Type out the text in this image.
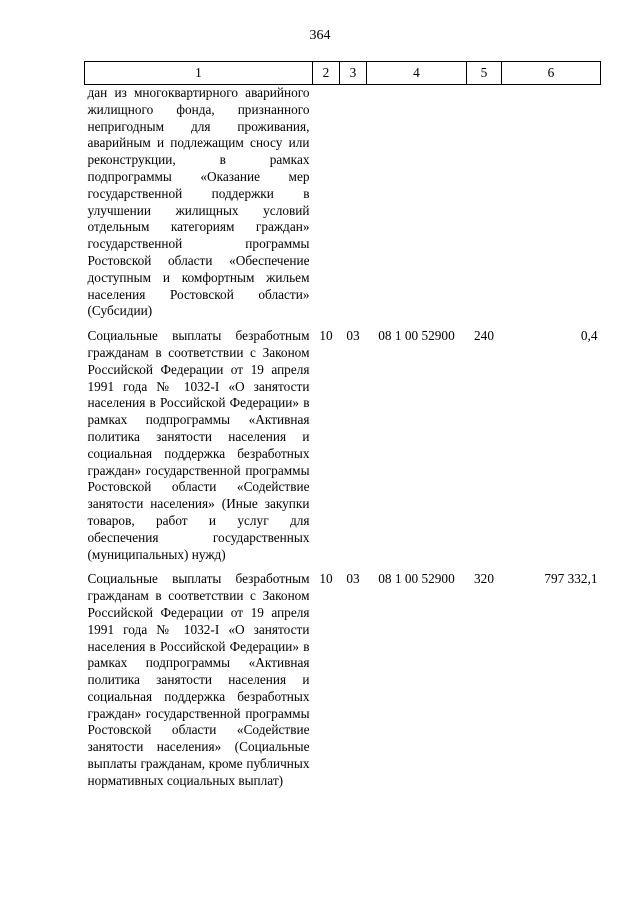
364
1	2	3	4	5	6
дан из многоквартирного аварийного жилищного фонда, признанного непригодным для проживания, аварийным и подлежащим сносу или реконструкции, в рамках подпрограммы «Оказание мер государственной поддержки в улучшении жилищных условий отдельным категориям граждан» государственной программы Ростовской области «Обеспечение доступным и комфортным жильем населения Ростовской области» (Субсидии)					
Социальные выплаты безработным гражданам в соответствии с Законом Российской Федерации от 19 апреля 1991 года № 1032-I «О занятости населения в Российской Федерации» в рамках подпрограммы «Активная политика занятости населения и социальная поддержка безработных граждан» государственной программы Ростовской области «Содействие занятости населения» (Иные закупки товаров, работ и услуг для обеспечения государственных (муниципальных) нужд)	10	03	08 1 00 52900	240	0,4
Социальные выплаты безработным гражданам в соответствии с Законом Российской Федерации от 19 апреля 1991 года № 1032-I «О занятости населения в Российской Федерации» в рамках подпрограммы «Активная политика занятости населения и социальная поддержка безработных граждан» государственной программы Ростовской области «Содействие занятости населения» (Социальные выплаты гражданам, кроме публичных нормативных социальных выплат)	10	03	08 1 00 52900	320	797 332,1
